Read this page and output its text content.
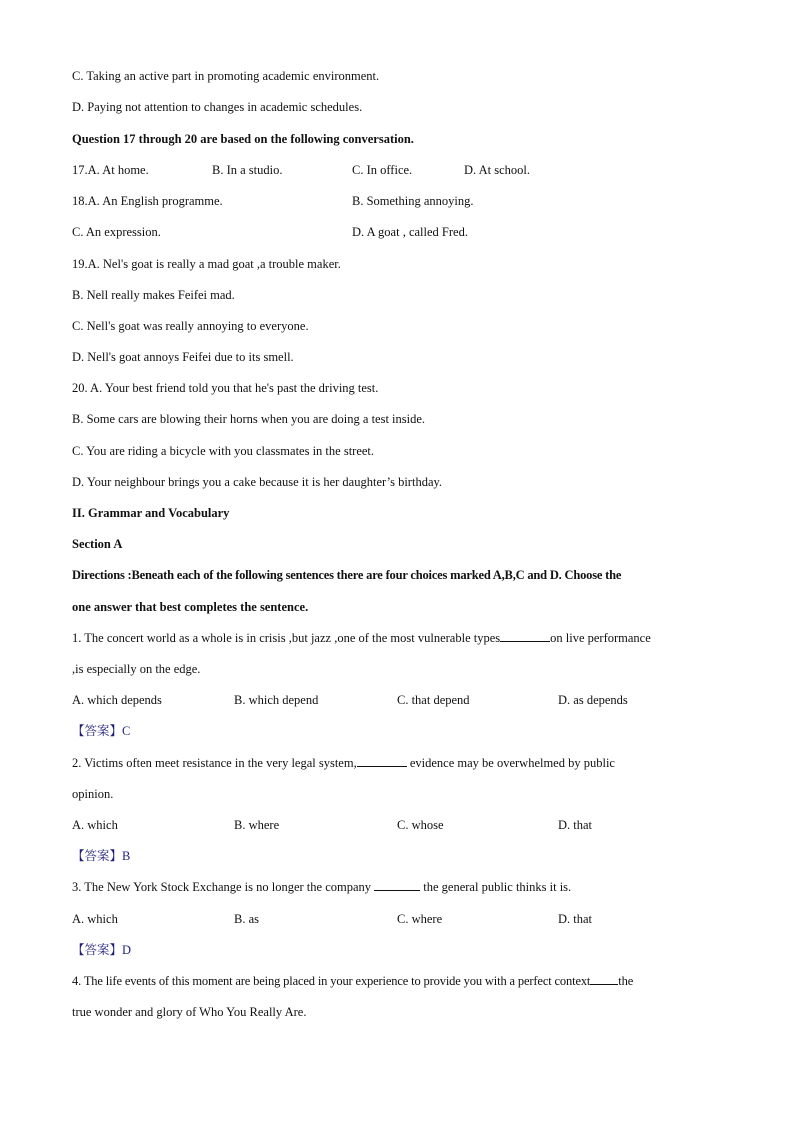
C. Taking an active part in promoting academic environment.
D. Paying not attention to changes in academic schedules.
Question 17 through 20 are based on the following conversation.
17.A. At home.	B. In a studio.	C. In office.	D. At school.
18.A. An English programme.	B. Something annoying.
C. An expression.	D. A goat , called Fred.
19.A. Nel's goat is really a mad goat ,a trouble maker.
B. Nell really makes Feifei mad.
C. Nell's goat was really annoying to everyone.
D. Nell's goat annoys Feifei due to its smell.
20. A. Your best friend told you that he's past the driving test.
B. Some cars are blowing their horns when you are doing a test inside.
C. You are riding a bicycle with you classmates in the street.
D. Your neighbour brings you a cake because it is her daughter’s birthday.
II. Grammar and Vocabulary
Section A
Directions :Beneath each of the following sentences there are four choices marked A,B,C and D. Choose the
one answer that best completes the sentence.
1. The concert world as a whole is in crisis ,but jazz ,one of the most vulnerable types	on live performance
,is especially on the edge.
A. which depends	B. which depend	C. that depend	D. as depends
【答案】C
2. Victims often meet resistance in the very legal system,	evidence may be overwhelmed by public
opinion.
A. which	B. where	C. whose	D. that
【答案】B
3. The New York Stock Exchange is no longer the company	the general public thinks it is.
A. which	B. as	C. where	D. that
【答案】D
4. The life events of this moment are being placed in your experience to provide you with a perfect context the
true wonder and glory of Who You Really Are.
